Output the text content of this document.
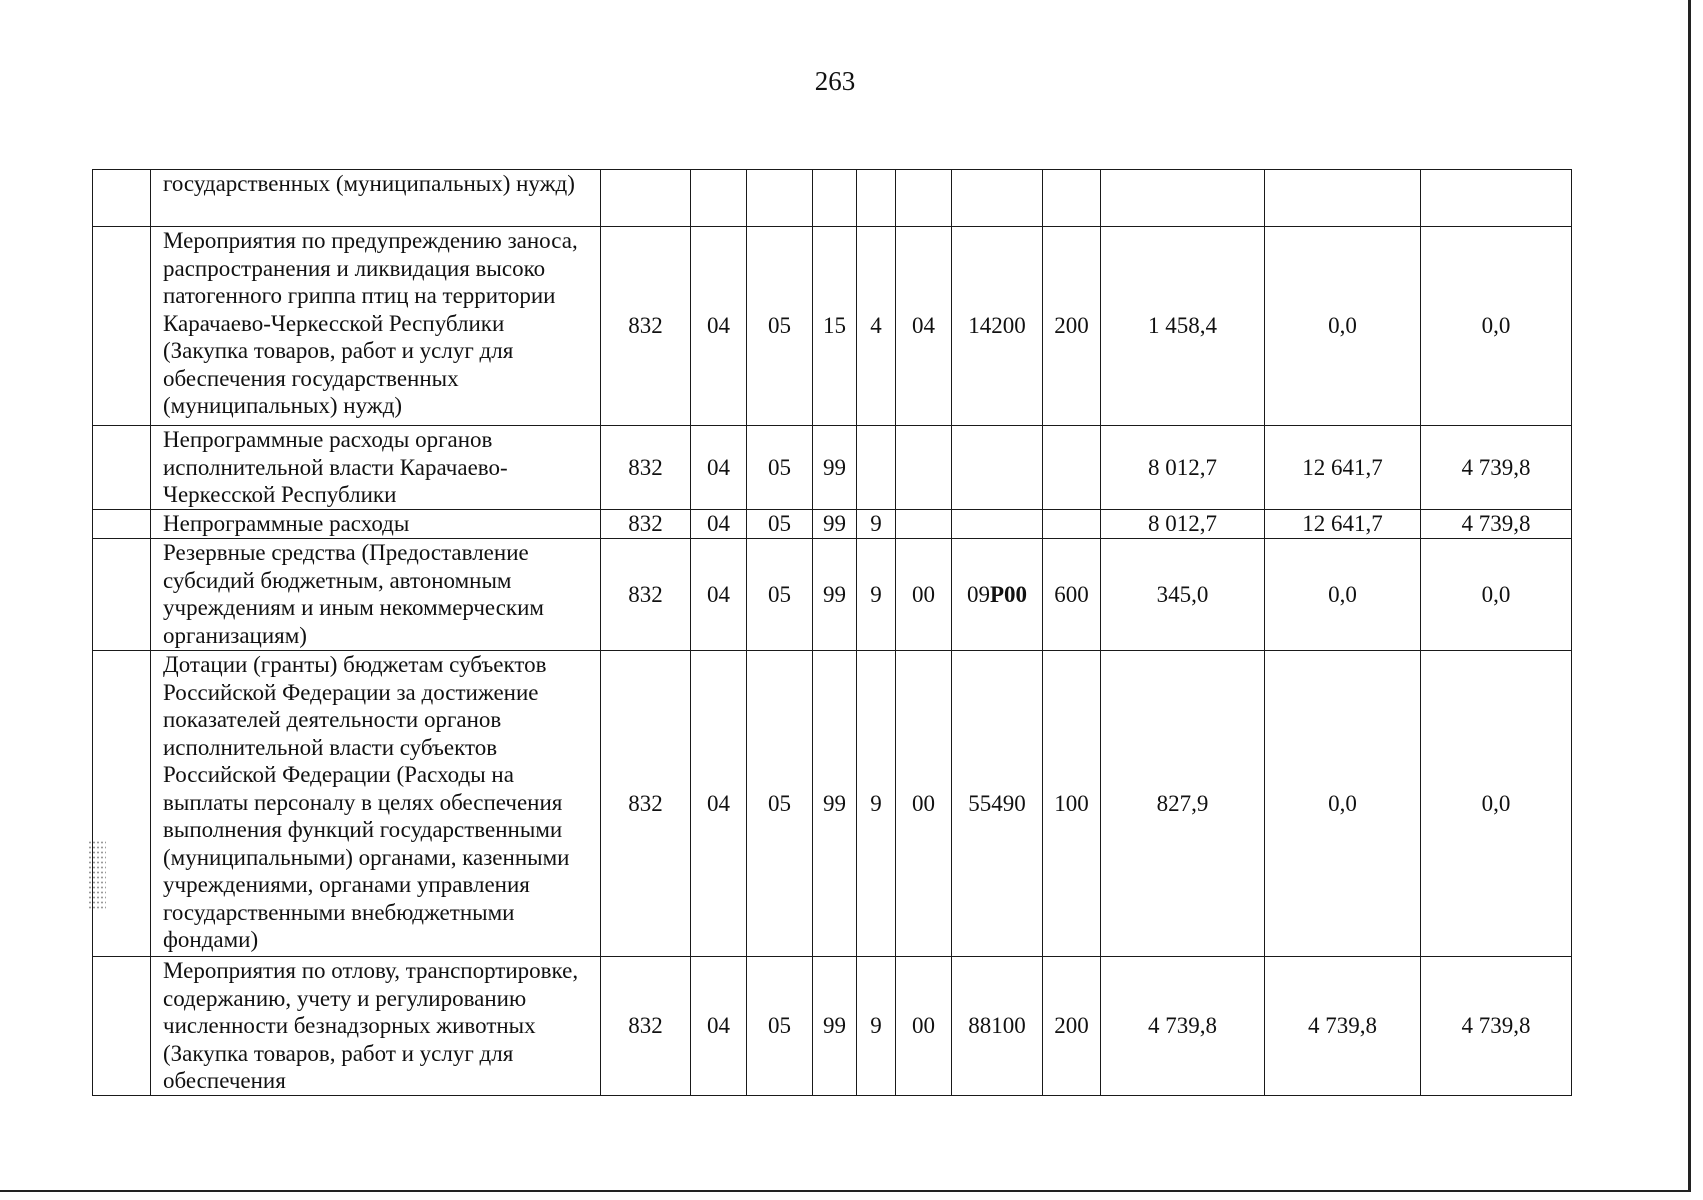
263
	государственных (муниципальных) нужд)											
	Мероприятия по предупреждению заноса, распространения и ликвидация высоко патогенного гриппа птиц на территории Карачаево-Черкесской Республики (Закупка товаров, работ и услуг для обеспечения государственных (муниципальных) нужд)	832	04	05	15	4	04	14200	200	1 458,4	0,0	0,0
	Непрограммные расходы органов исполнительной власти Карачаево-Черкесской Республики	832	04	05	99					8 012,7	12 641,7	4 739,8
	Непрограммные расходы	832	04	05	99	9				8 012,7	12 641,7	4 739,8
	Резервные средства (Предоставление субсидий бюджетным, автономным учреждениям и иным некоммерческим организациям)	832	04	05	99	9	00	09P00	600	345,0	0,0	0,0
	Дотации (гранты) бюджетам субъектов Российской Федерации за достижение показателей деятельности органов исполнительной власти субъектов Российской Федерации (Расходы на выплаты персоналу в целях обеспечения выполнения функций государственными (муниципальными) органами, казенными учреждениями, органами управления государственными внебюджетными фондами)	832	04	05	99	9	00	55490	100	827,9	0,0	0,0
	Мероприятия по отлову, транспортировке, содержанию, учету и регулированию численности безнадзорных животных (Закупка товаров, работ и услуг для обеспечения	832	04	05	99	9	00	88100	200	4 739,8	4 739,8	4 739,8
